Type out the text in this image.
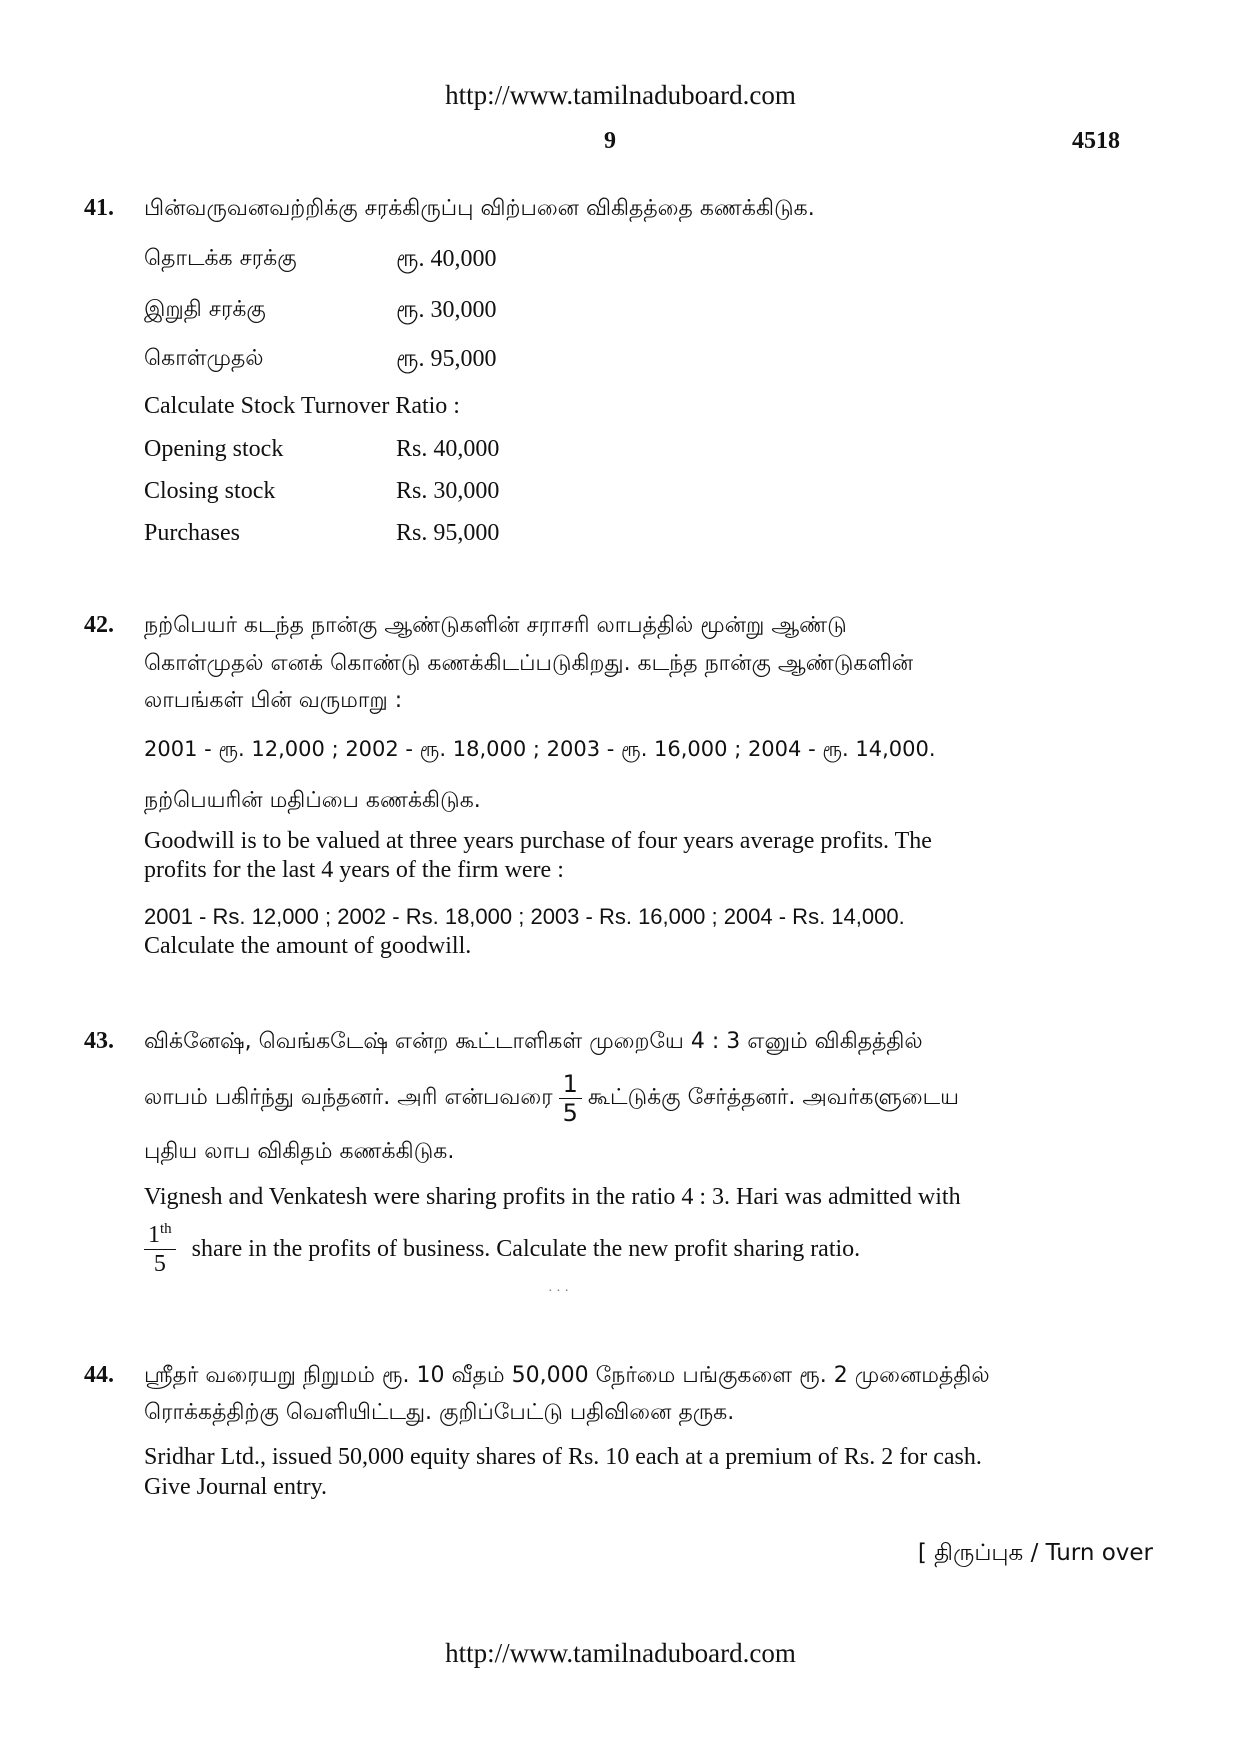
http://www.tamilnaduboard.com
9	4518
41. பின்வருவனவற்றிக்கு சரக்கிருப்பு விற்பனை விகிதத்தை கணக்கிடுக.
தொடக்க சரக்கு	ரூ. 40,000
இறுதி சரக்கு	ரூ. 30,000
கொள்முதல்	ரூ. 95,000
Calculate Stock Turnover Ratio :
Opening stock	Rs. 40,000
Closing stock	Rs. 30,000
Purchases	Rs. 95,000
42. நற்பெயர் கடந்த நான்கு ஆண்டுகளின் சராசரி லாபத்தில் மூன்று ஆண்டு
கொள்முதல் எனக் கொண்டு கணக்கிடப்படுகிறது. கடந்த நான்கு ஆண்டுகளின்
லாபங்கள் பின் வருமாறு :
2001 - ரூ. 12,000 ; 2002 - ரூ. 18,000 ; 2003 - ரூ. 16,000 ; 2004 - ரூ. 14,000.
நற்பெயரின் மதிப்பை கணக்கிடுக.
Goodwill is to be valued at three years purchase of four years average profits. The
profits for the last 4 years of the firm were :
2001 - Rs. 12,000 ; 2002 - Rs. 18,000 ; 2003 - Rs. 16,000 ; 2004 - Rs. 14,000.
Calculate the amount of goodwill.
43. விக்னேஷ், வெங்கடேஷ் என்ற கூட்டாளிகள் முறையே 4 : 3 எனும் விகிதத்தில்
லாபம் பகிர்ந்து வந்தனர். அரி என்பவரை $\frac{1}{5}$ கூட்டுக்கு சேர்த்தனர். அவர்களுடைய
புதிய லாப விகிதம் கணக்கிடுக.
Vignesh and Venkatesh were sharing profits in the ratio 4 : 3. Hari was admitted with
$\frac{1^{th}}{5}$ share in the profits of business. Calculate the new profit sharing ratio.
· · ·
44. ஸ்ரீதர் வரையறு நிறுமம் ரூ. 10 வீதம் 50,000 நேர்மை பங்குகளை ரூ. 2 முனைமத்தில்
ரொக்கத்திற்கு வெளியிட்டது. குறிப்பேட்டு பதிவினை தருக.
Sridhar Ltd., issued 50,000 equity shares of Rs. 10 each at a premium of Rs. 2 for cash.
Give Journal entry.
[ திருப்புக / Turn over
http://www.tamilnaduboard.com
